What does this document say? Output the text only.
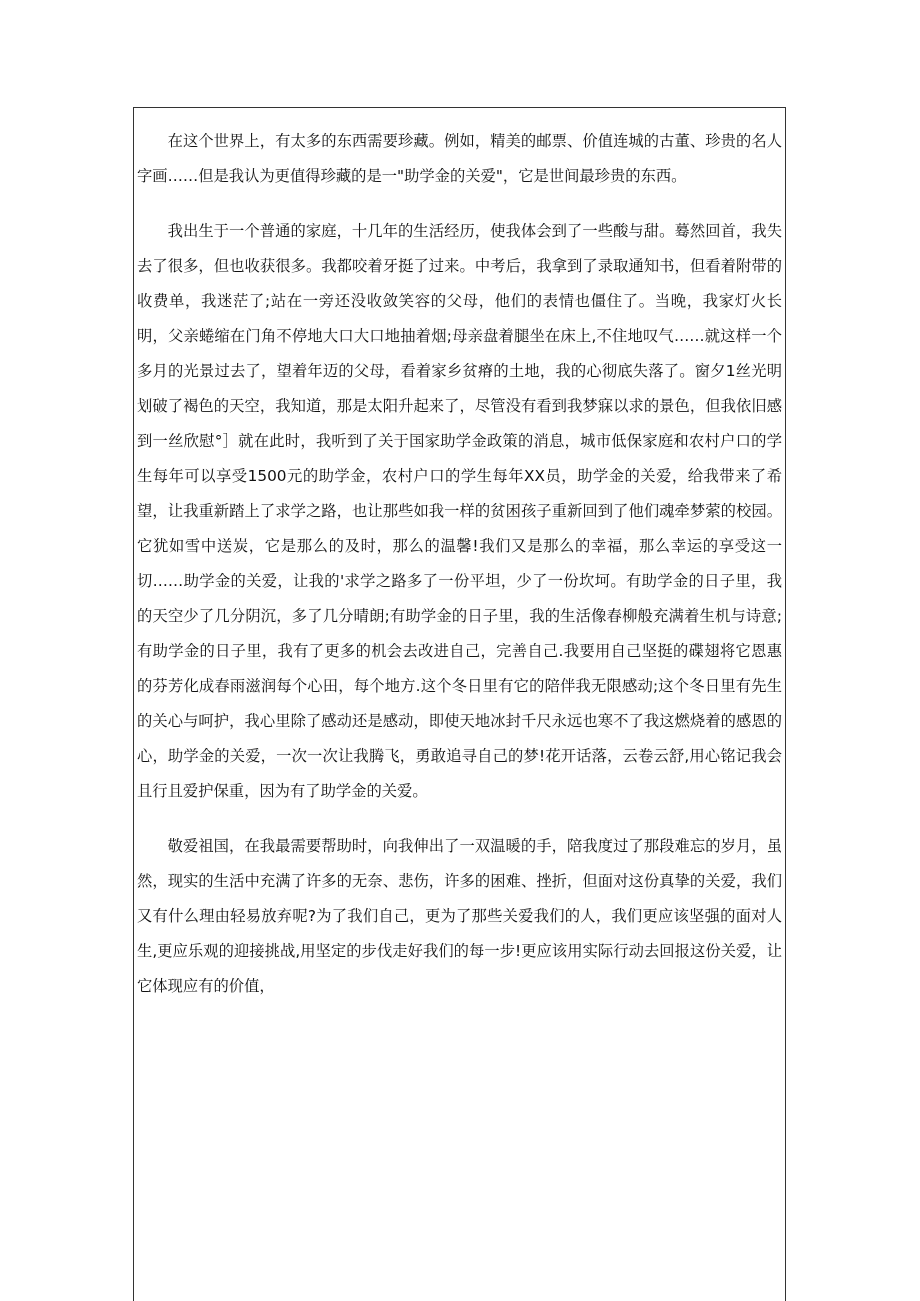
在这个世界上，有太多的东西需要珍藏。例如，精美的邮票、价值连城的古董、珍贵的名人字画……但是我认为更值得珍藏的是一"助学金的关爱"，它是世间最珍贵的东西。

我出生于一个普通的家庭，十几年的生活经历，使我体会到了一些酸与甜。蓦然回首，我失去了很多，但也收获很多。我都咬着牙挺了过来。中考后，我拿到了录取通知书，但看着附带的收费单，我迷茫了;站在一旁还没收敛笑容的父母，他们的表情也僵住了。当晚，我家灯火长明，父亲蜷缩在门角不停地大口大口地抽着烟;母亲盘着腿坐在床上,不住地叹气……就这样一个多月的光景过去了，望着年迈的父母，看着家乡贫瘠的土地，我的心彻底失落了。窗夕1丝光明划破了褐色的天空，我知道，那是太阳升起来了，尽管没有看到我梦寐以求的景色，但我依旧感到一丝欣慰°］就在此时，我听到了关于国家助学金政策的消息，城市低保家庭和农村户口的学生每年可以享受1500元的助学金，农村户口的学生每年XX员，助学金的关爱，给我带来了希望，让我重新踏上了求学之路，也让那些如我一样的贫困孩子重新回到了他们魂牵梦萦的校园。它犹如雪中送炭，它是那么的及时，那么的温馨!我们又是那么的幸福，那么幸运的享受这一切……助学金的关爱，让我的'求学之路多了一份平坦，少了一份坎坷。有助学金的日子里，我的天空少了几分阴沉，多了几分晴朗;有助学金的日子里，我的生活像春柳般充满着生机与诗意;有助学金的日子里，我有了更多的机会去改进自己，完善自己.我要用自己坚挺的碟翅将它恩惠的芬芳化成春雨滋润每个心田，每个地方.这个冬日里有它的陪伴我无限感动;这个冬日里有先生的关心与呵护，我心里除了感动还是感动，即使天地冰封千尺永远也寒不了我这燃烧着的感恩的心，助学金的关爱，一次一次让我腾飞，勇敢追寻自己的梦!花开话落，云卷云舒,用心铭记我会且行且爱护保重，因为有了助学金的关爱。

敬爱祖国，在我最需要帮助时，向我伸出了一双温暖的手，陪我度过了那段难忘的岁月，虽然，现实的生活中充满了许多的无奈、悲伤，许多的困难、挫折，但面对这份真挚的关爱，我们又有什么理由轻易放弃呢?为了我们自己，更为了那些关爱我们的人，我们更应该坚强的面对人生,更应乐观的迎接挑战,用坚定的步伐走好我们的每一步!更应该用实际行动去回报这份关爱，让它体现应有的价值，
